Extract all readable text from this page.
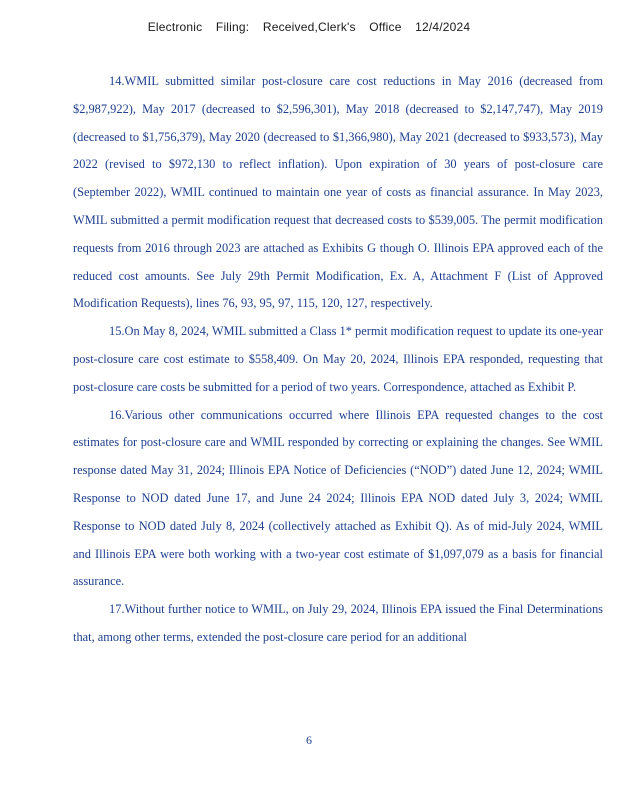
Electronic Filing: Received,Clerk's Office 12/4/2024

14.WMIL submitted similar post-closure care cost reductions in May 2016 (decreased from $2,987,922), May 2017 (decreased to $2,596,301), May 2018 (decreased to $2,147,747), May 2019 (decreased to $1,756,379), May 2020 (decreased to $1,366,980), May 2021 (decreased to $933,573), May 2022 (revised to $972,130 to reflect inflation). Upon expiration of 30 years of post-closure care (September 2022), WMIL continued to maintain one year of costs as financial assurance. In May 2023, WMIL submitted a permit modification request that decreased costs to $539,005. The permit modification requests from 2016 through 2023 are attached as Exhibits G though O. Illinois EPA approved each of the reduced cost amounts. See July 29th Permit Modification, Ex. A, Attachment F (List of Approved Modification Requests), lines 76, 93, 95, 97, 115, 120, 127, respectively.

15.On May 8, 2024, WMIL submitted a Class 1* permit modification request to update its one-year post-closure care cost estimate to $558,409. On May 20, 2024, Illinois EPA responded, requesting that post-closure care costs be submitted for a period of two years. Correspondence, attached as Exhibit P.

16.Various other communications occurred where Illinois EPA requested changes to the cost estimates for post-closure care and WMIL responded by correcting or explaining the changes. See WMIL response dated May 31, 2024; Illinois EPA Notice of Deficiencies (“NOD”) dated June 12, 2024; WMIL Response to NOD dated June 17, and June 24 2024; Illinois EPA NOD dated July 3, 2024; WMIL Response to NOD dated July 8, 2024 (collectively attached as Exhibit Q). As of mid-July 2024, WMIL and Illinois EPA were both working with a two-year cost estimate of $1,097,079 as a basis for financial assurance.

17.Without further notice to WMIL, on July 29, 2024, Illinois EPA issued the Final Determinations that, among other terms, extended the post-closure care period for an additional

6
